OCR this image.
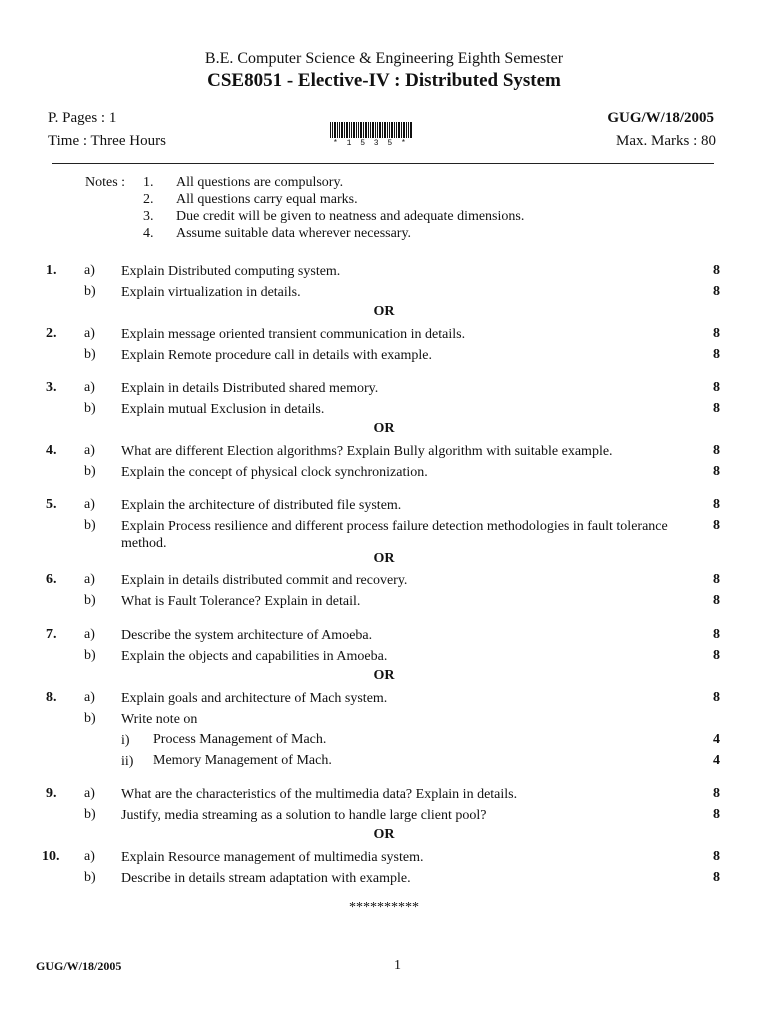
B.E. Computer Science & Engineering Eighth Semester
CSE8051 - Elective-IV : Distributed System
P. Pages : 1
Time : Three Hours
GUG/W/18/2005
Max. Marks : 80
* 1 5 3 5 *
Notes : 1. All questions are compulsory.
2. All questions carry equal marks.
3. Due credit will be given to neatness and adequate dimensions.
4. Assume suitable data wherever necessary.
1. a) Explain Distributed computing system.	8
b) Explain virtualization in details.	8
OR
2. a) Explain message oriented transient communication in details.	8
b) Explain Remote procedure call in details with example.	8
3. a) Explain in details Distributed shared memory.	8
b) Explain mutual Exclusion in details.	8
OR
4. a) What are different Election algorithms? Explain Bully algorithm with suitable example.	8
b) Explain the concept of physical clock synchronization.	8
5. a) Explain the architecture of distributed file system.	8
b) Explain Process resilience and different process failure detection methodologies in fault tolerance method.
8
OR
6. a) Explain in details distributed commit and recovery.	8
b) What is Fault Tolerance? Explain in detail.	8
7. a) Describe the system architecture of Amoeba.	8
b) Explain the objects and capabilities in Amoeba.	8
OR
8. a) Explain goals and architecture of Mach system.	8
b) Write note on
i)	Process Management of Mach.	4
ii)	Memory Management of Mach.	4
9. a) What are the characteristics of the multimedia data? Explain in details.	8
b) Justify, media streaming as a solution to handle large client pool?	8
OR
10. a) Explain Resource management of multimedia system.	8
b) Describe in details stream adaptation with example.	8
**********
GUG/W/18/2005	1
